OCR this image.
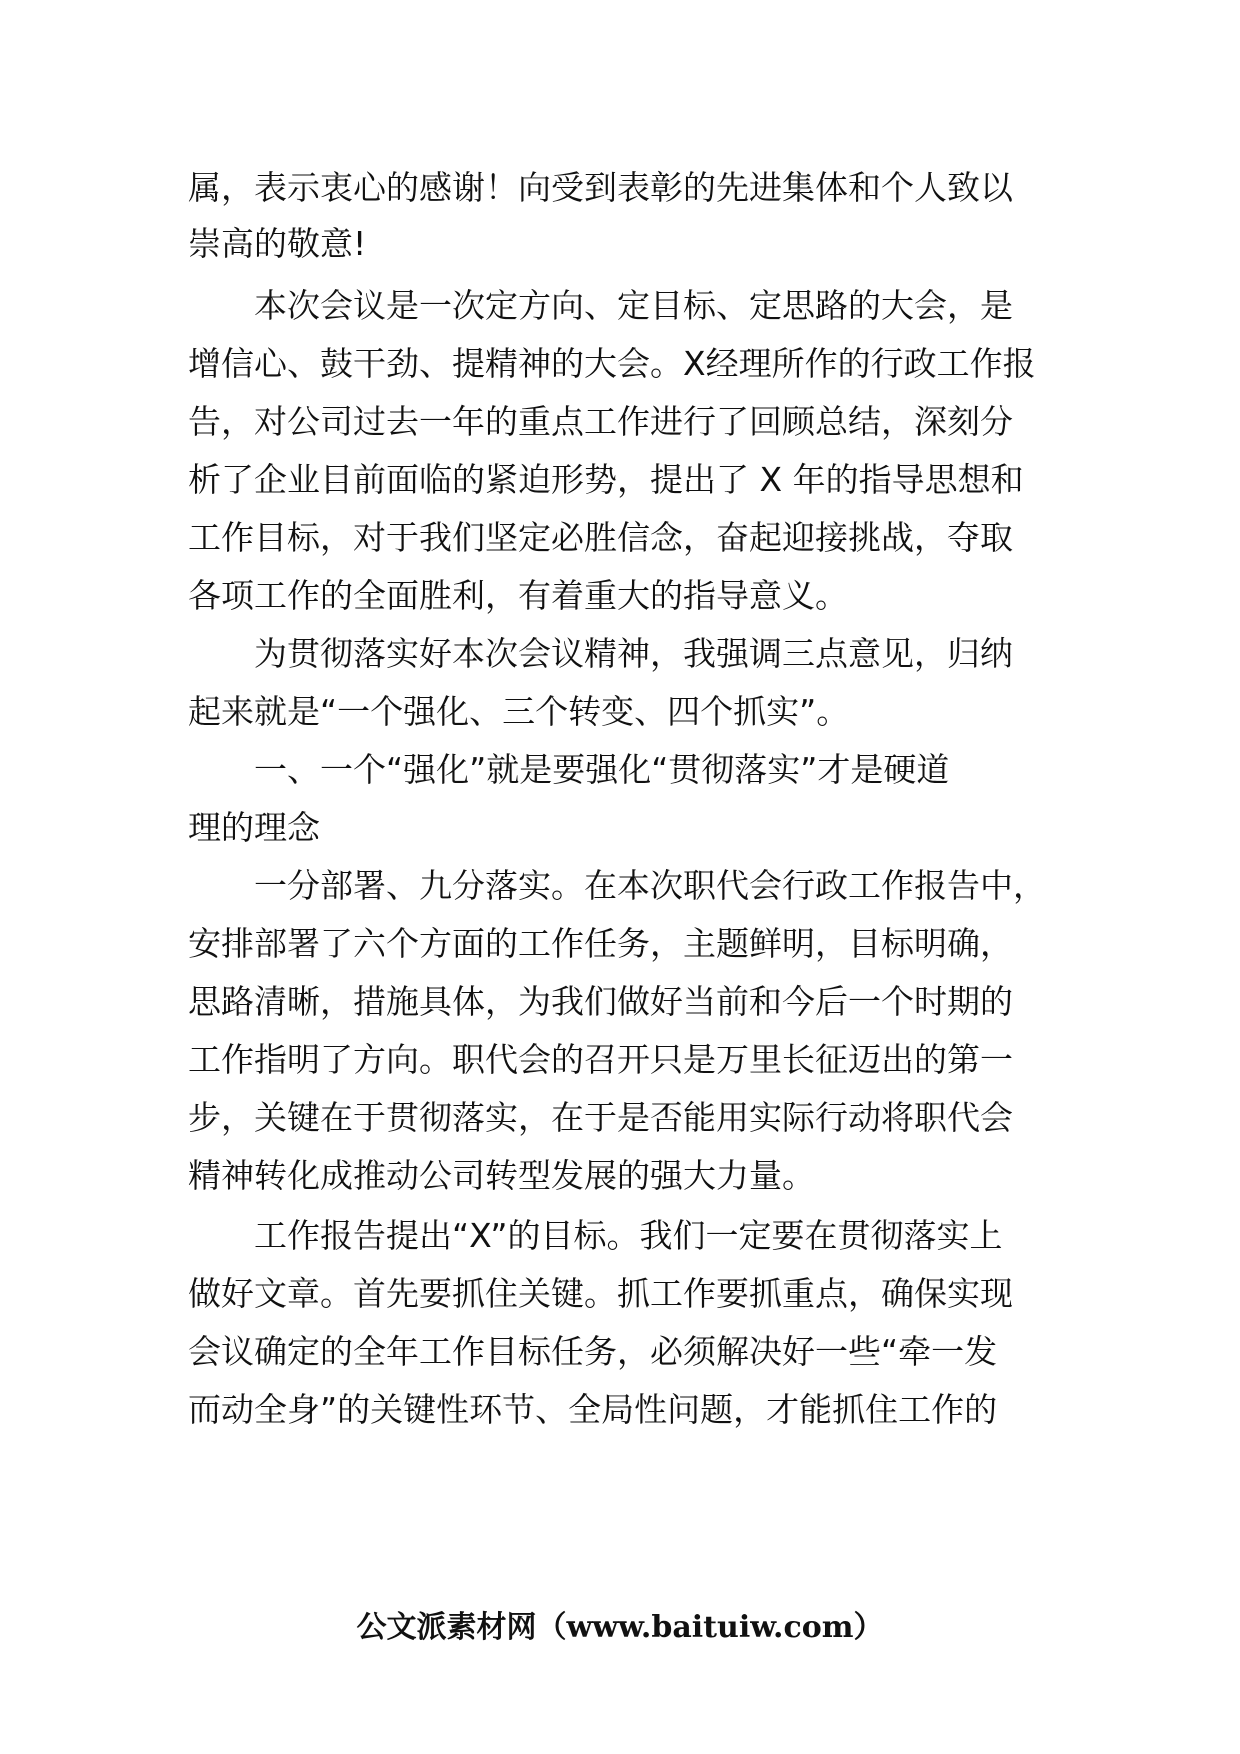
属，表示衷心的感谢！向受到表彰的先进集体和个人致以
崇高的敬意!
本次会议是一次定方向、定目标、定思路的大会，是
增信心、鼓干劲、提精神的大会。X经理所作的行政工作报
告，对公司过去一年的重点工作进行了回顾总结，深刻分
析了企业目前面临的紧迫形势，提出了 X 年的指导思想和
工作目标，对于我们坚定必胜信念，奋起迎接挑战，夺取
各项工作的全面胜利，有着重大的指导意义。
为贯彻落实好本次会议精神，我强调三点意见，归纳
起来就是“一个强化、三个转变、四个抓实”。
一、一个“强化”就是要强化“贯彻落实”才是硬道
理的理念
一分部署、九分落实。在本次职代会行政工作报告中，
安排部署了六个方面的工作任务，主题鲜明，目标明确，
思路清晰，措施具体，为我们做好当前和今后一个时期的
工作指明了方向。职代会的召开只是万里长征迈出的第一
步，关键在于贯彻落实，在于是否能用实际行动将职代会
精神转化成推动公司转型发展的强大力量。
工作报告提出“X”的目标。我们一定要在贯彻落实上
做好文章。首先要抓住关键。抓工作要抓重点，确保实现
会议确定的全年工作目标任务，必须解决好一些“牵一发
而动全身”的关键性环节、全局性问题，才能抓住工作的
公文派素材网（www.baituiw.com）
